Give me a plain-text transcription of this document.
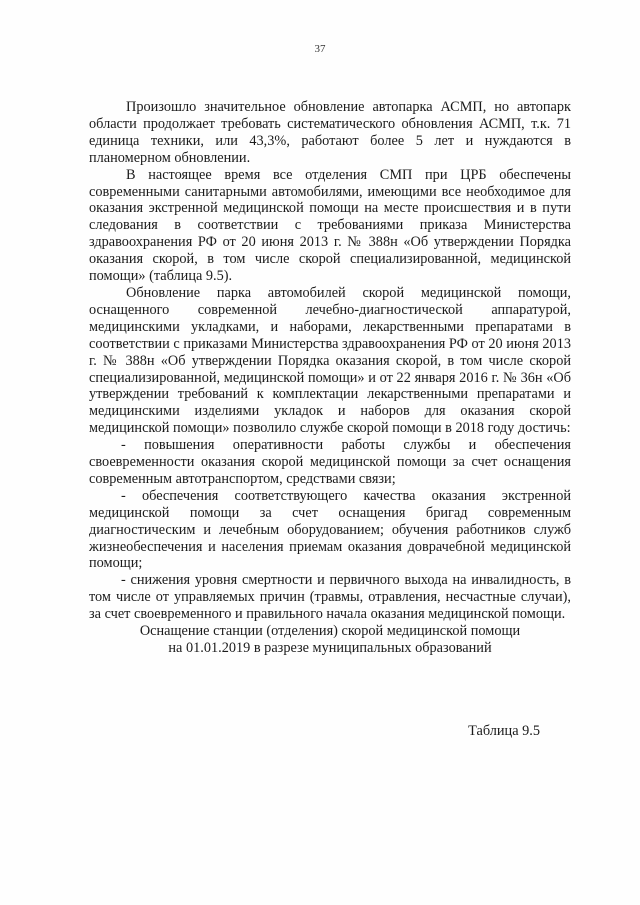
37

Произошло значительное обновление автопарка АСМП, но автопарк области продолжает требовать систематического обновления АСМП, т.к. 71 единица техники, или 43,3%, работают более 5 лет и нуждаются в планомерном обновлении.

В настоящее время все отделения СМП при ЦРБ обеспечены современными санитарными автомобилями, имеющими все необходимое для оказания экстренной медицинской помощи на месте происшествия и в пути следования в соответствии с требованиями приказа Министерства здравоохранения РФ от 20 июня 2013 г. № 388н «Об утверждении Порядка оказания скорой, в том числе скорой специализированной, медицинской помощи» (таблица 9.5).

Обновление парка автомобилей скорой медицинской помощи, оснащенного современной лечебно-диагностической аппаратурой, медицинскими укладками, и наборами, лекарственными препаратами в соответствии с приказами Министерства здравоохранения РФ от 20 июня 2013 г. № 388н «Об утверждении Порядка оказания скорой, в том числе скорой специализированной, медицинской помощи» и от 22 января 2016 г. № 36н «Об утверждении требований к комплектации лекарственными препаратами и медицинскими изделиями укладок и наборов для оказания скорой медицинской помощи» позволило службе скорой помощи в 2018 году достичь:

- повышения оперативности работы службы и обеспечения своевременности оказания скорой медицинской помощи за счет оснащения современным автотранспортом, средствами связи;

- обеспечения соответствующего качества оказания экстренной медицинской помощи за счет оснащения бригад современным диагностическим и лечебным оборудованием; обучения работников служб жизнеобеспечения и населения приемам оказания доврачебной медицинской помощи;

- снижения уровня смертности и первичного выхода на инвалидность, в том числе от управляемых причин (травмы, отравления, несчастные случаи), за счет своевременного и правильного начала оказания медицинской помощи.

Оснащение станции (отделения) скорой медицинской помощи

на 01.01.2019 в разрезе муниципальных образований

Таблица 9.5
